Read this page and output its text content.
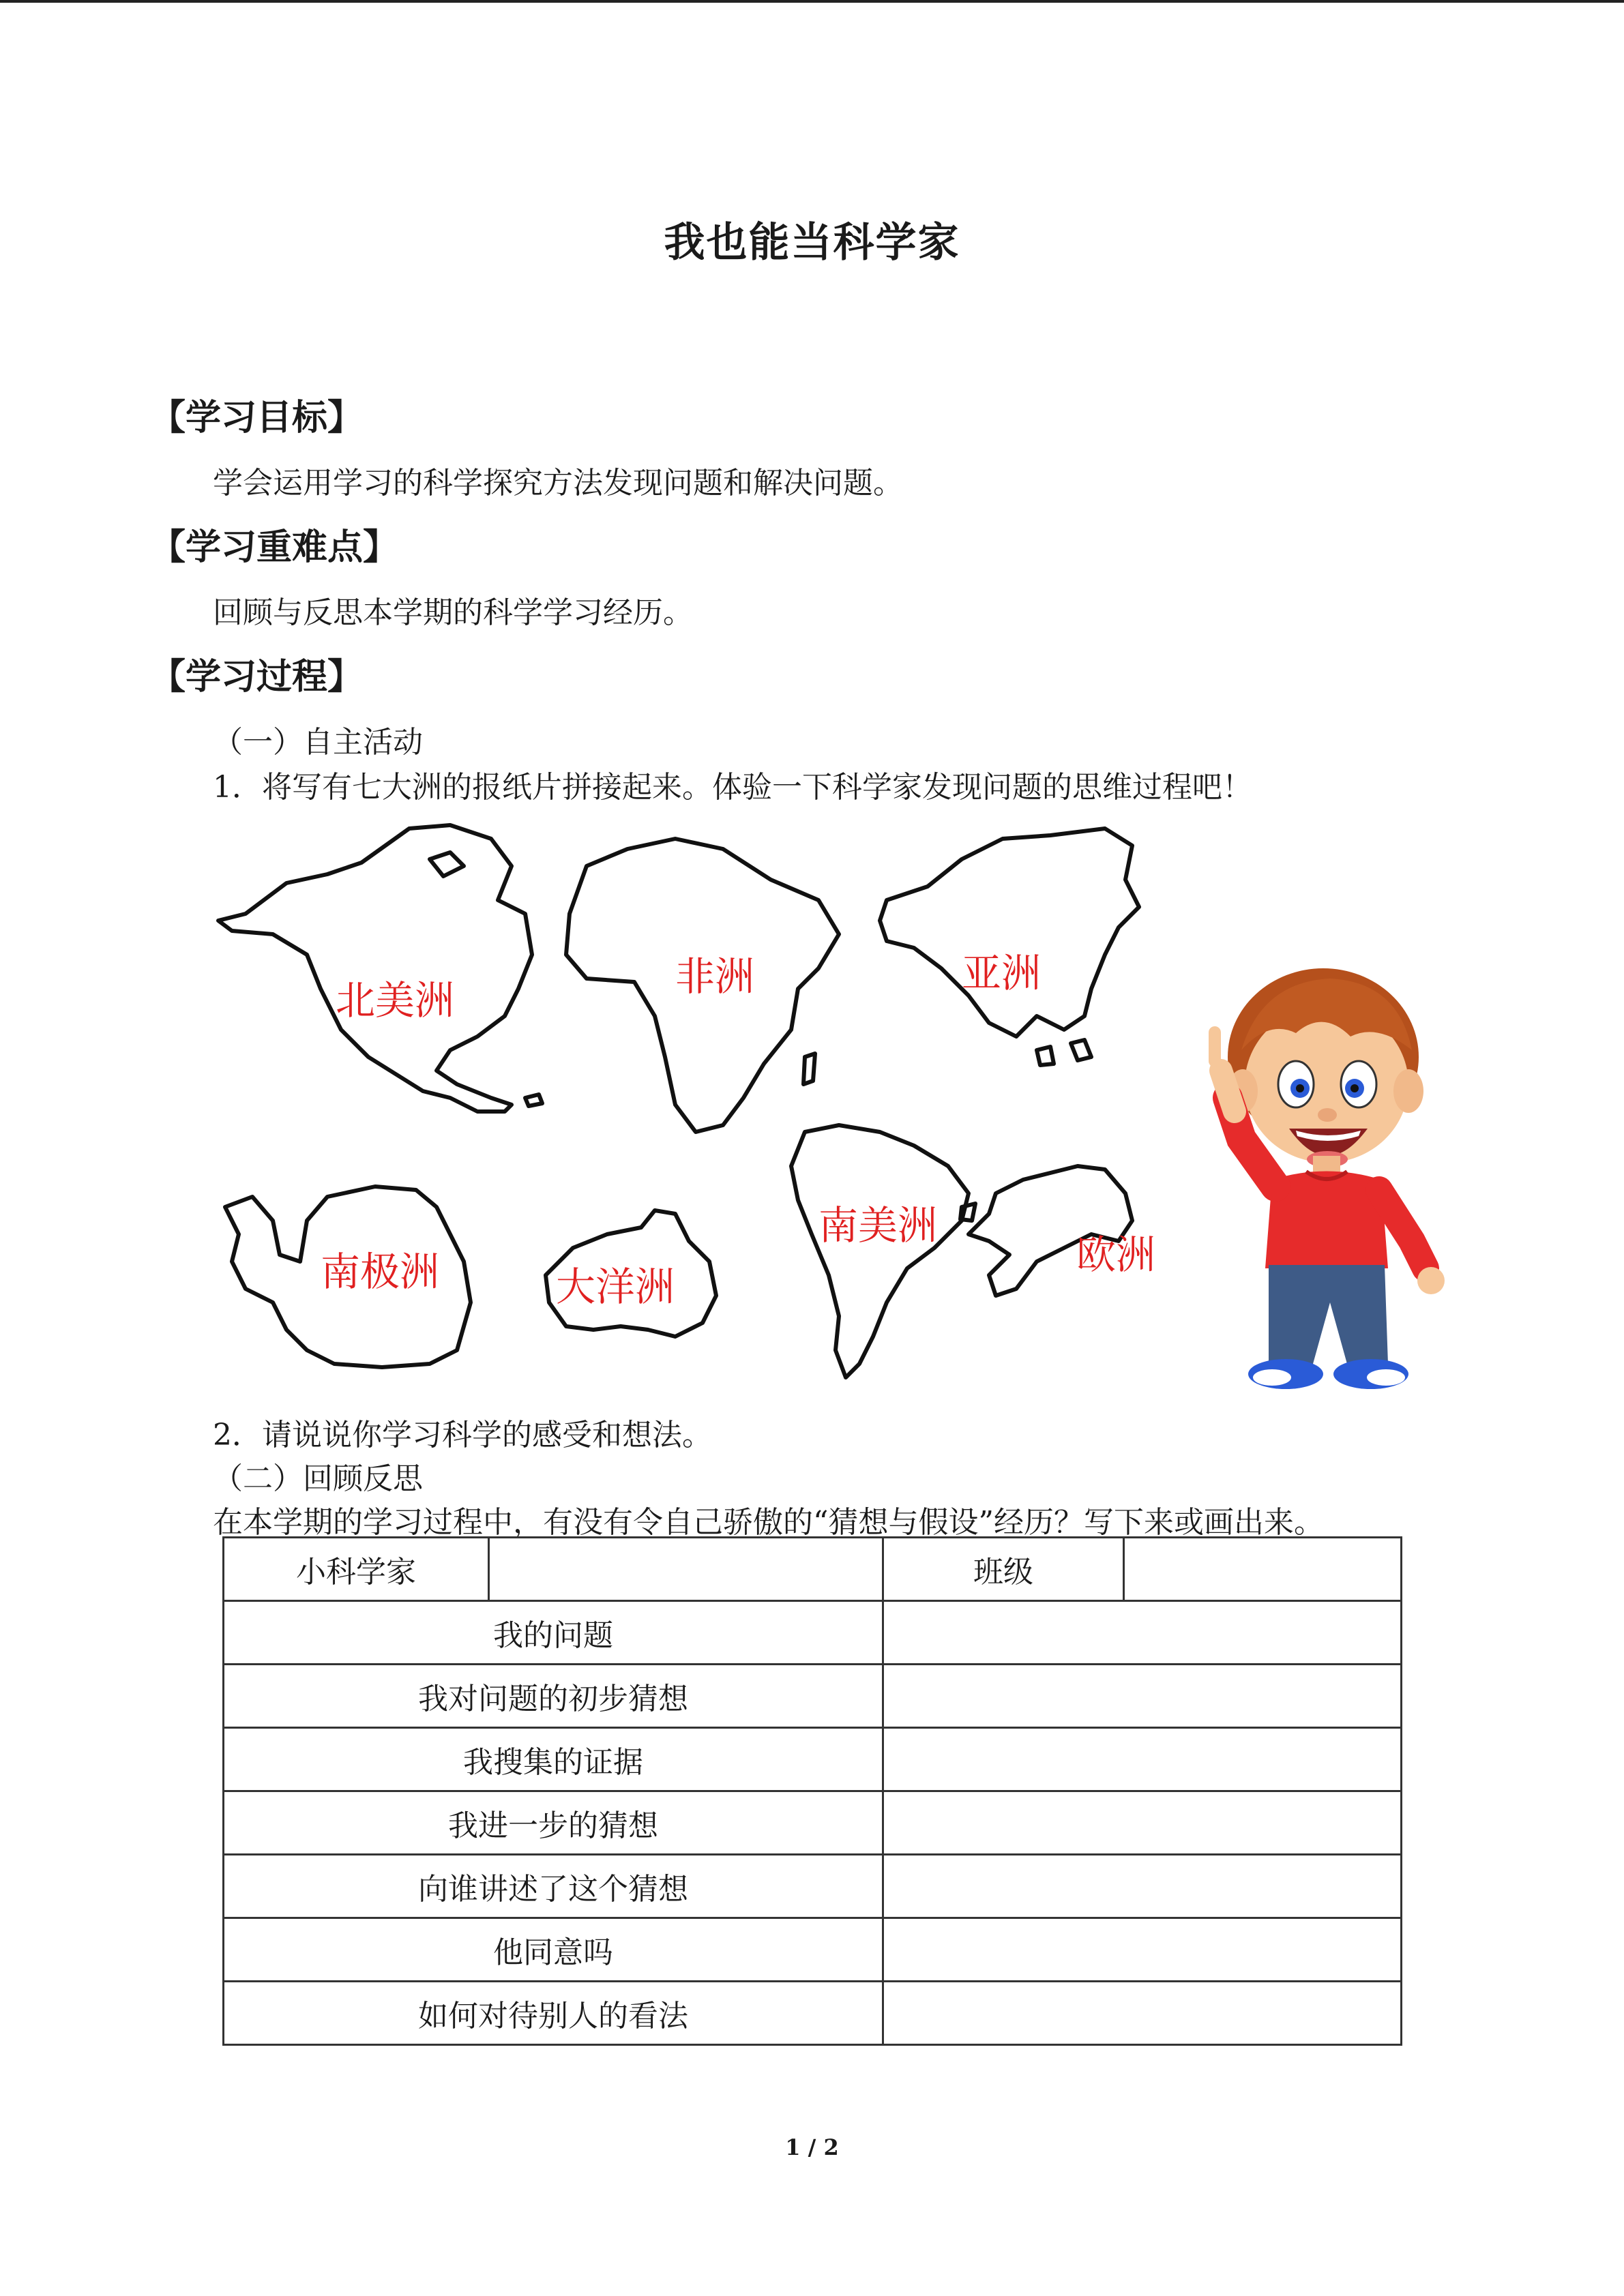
我也能当科学家
【学习目标】
学会运用学习的科学探究方法发现问题和解决问题。
【学习重难点】
回顾与反思本学期的科学学习经历。
【学习过程】
（一）自主活动
1．将写有七大洲的报纸片拼接起来。体验一下科学家发现问题的思维过程吧！
北美洲
非洲	亚洲
南极洲	大洋洲
南美洲
欧洲
2．请说说你学习科学的感受和想法。
（二）回顾反思
在本学期的学习过程中，有没有令自己骄傲的“猜想与假设”经历？写下来或画出来。
小科学家		班级	
我的问题			
我对问题的初步猜想			
我搜集的证据			
我进一步的猜想			
向谁讲述了这个猜想			
他同意吗			
如何对待别人的看法			
1 / 2
